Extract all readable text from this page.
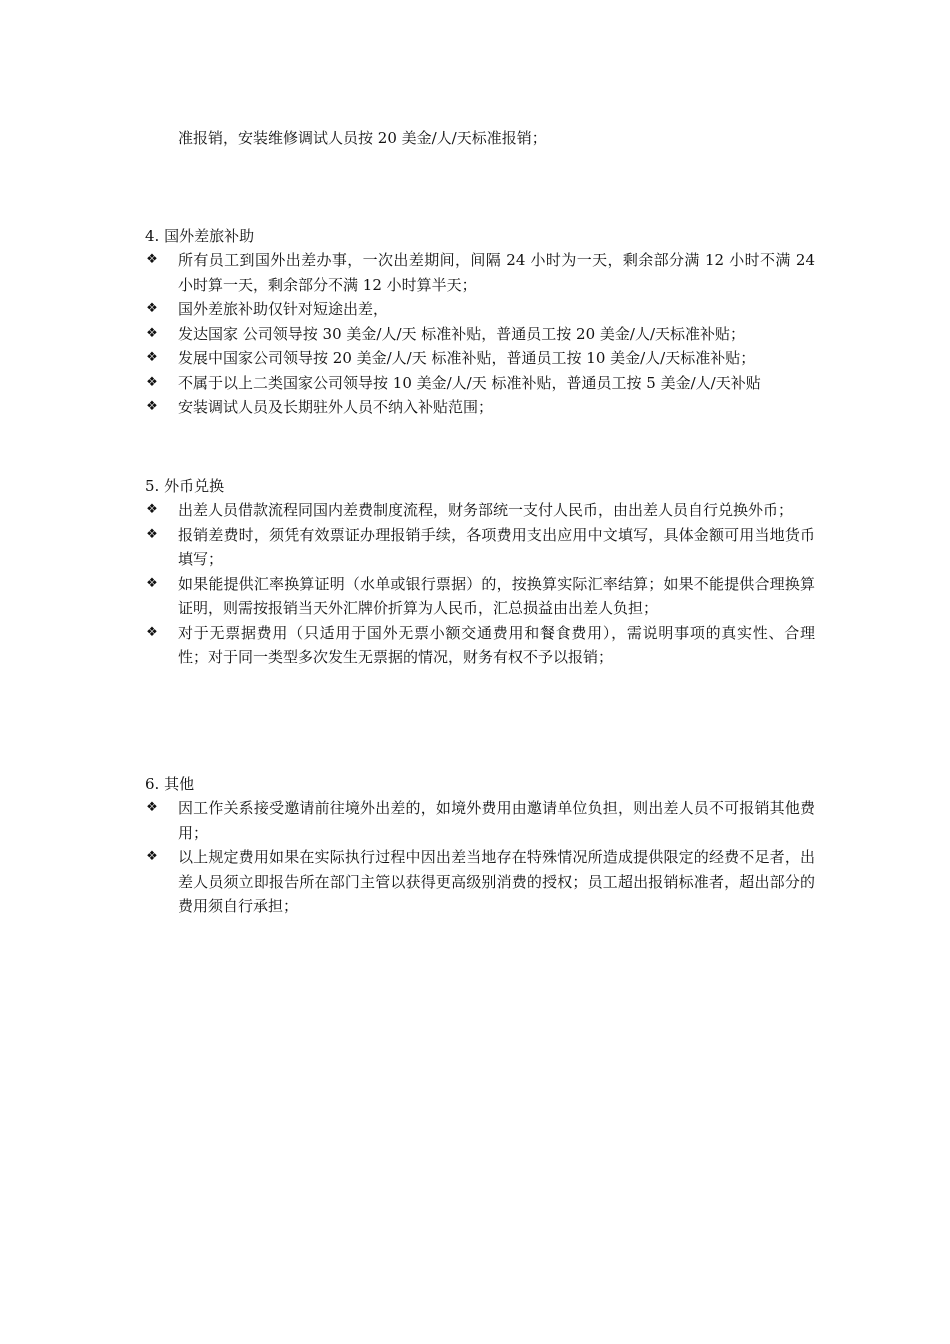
准报销，安装维修调试人员按 20 美金/人/天标准报销；
4. 国外差旅补助
❖ 所有员工到国外出差办事，一次出差期间，间隔 24 小时为一天，剩余部分满 12 小时不满 24 小时算一天，剩余部分不满 12 小时算半天；
❖ 国外差旅补助仅针对短途出差，
❖ 发达国家 公司领导按 30 美金/人/天 标准补贴，普通员工按 20 美金/人/天标准补贴；
❖ 发展中国家公司领导按 20 美金/人/天 标准补贴，普通员工按 10 美金/人/天标准补贴；
❖ 不属于以上二类国家公司领导按 10 美金/人/天 标准补贴，普通员工按 5 美金/人/天补贴
❖ 安装调试人员及长期驻外人员不纳入补贴范围；
5. 外币兑换
❖ 出差人员借款流程同国内差费制度流程，财务部统一支付人民币，由出差人员自行兑换外币；
❖ 报销差费时，须凭有效票证办理报销手续，各项费用支出应用中文填写，具体金额可用当地货币填写；
❖ 如果能提供汇率换算证明（水单或银行票据）的，按换算实际汇率结算；如果不能提供合理换算证明，则需按报销当天外汇牌价折算为人民币，汇总损益由出差人负担；
❖ 对于无票据费用（只适用于国外无票小额交通费用和餐食费用），需说明事项的真实性、合理性；对于同一类型多次发生无票据的情况，财务有权不予以报销；
6. 其他
❖ 因工作关系接受邀请前往境外出差的，如境外费用由邀请单位负担，则出差人员不可报销其他费用；
❖ 以上规定费用如果在实际执行过程中因出差当地存在特殊情况所造成提供限定的经费不足者，出差人员须立即报告所在部门主管以获得更高级别消费的授权；员工超出报销标准者，超出部分的费用须自行承担；
